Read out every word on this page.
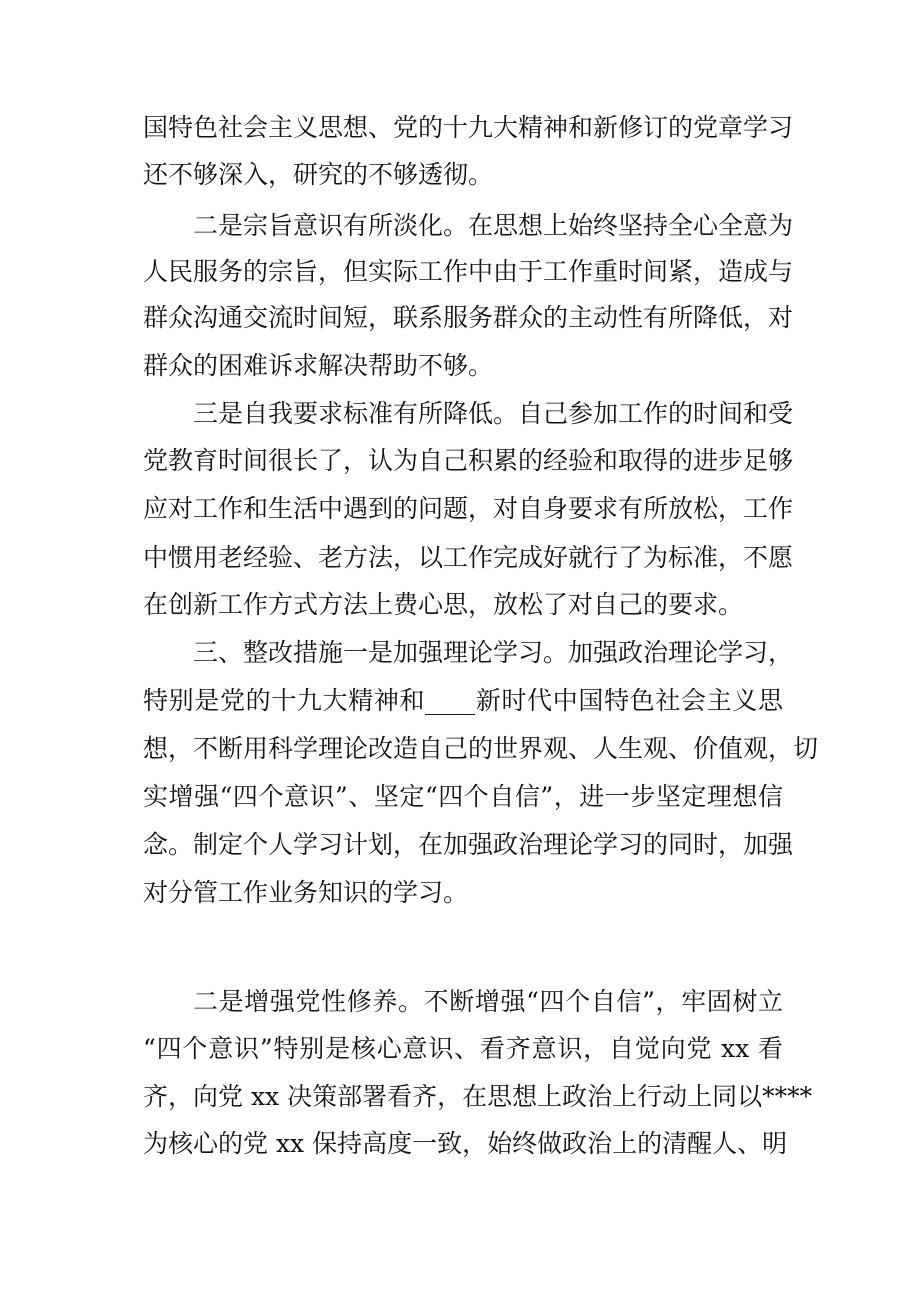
国特色社会主义思想、党的十九大精神和新修订的党章学习
还不够深入，研究的不够透彻。
二是宗旨意识有所淡化。在思想上始终坚持全心全意为
人民服务的宗旨，但实际工作中由于工作重时间紧，造成与
群众沟通交流时间短，联系服务群众的主动性有所降低，对
群众的困难诉求解决帮助不够。
三是自我要求标准有所降低。自己参加工作的时间和受
党教育时间很长了，认为自己积累的经验和取得的进步足够
应对工作和生活中遇到的问题，对自身要求有所放松，工作
中惯用老经验、老方法，以工作完成好就行了为标准，不愿
在创新工作方式方法上费心思，放松了对自己的要求。
三、整改措施一是加强理论学习。加强政治理论学习，
特别是党的十九大精神和____新时代中国特色社会主义思
想，不断用科学理论改造自己的世界观、人生观、价值观，切
实增强“四个意识”、坚定“四个自信”，进一步坚定理想信
念。制定个人学习计划，在加强政治理论学习的同时，加强
对分管工作业务知识的学习。
二是增强党性修养。不断增强“四个自信”，牢固树立
“四个意识”特别是核心意识、看齐意识，自觉向党 xx 看
齐，向党 xx 决策部署看齐，在思想上政治上行动上同以****
为核心的党 xx 保持高度一致，始终做政治上的清醒人、明
